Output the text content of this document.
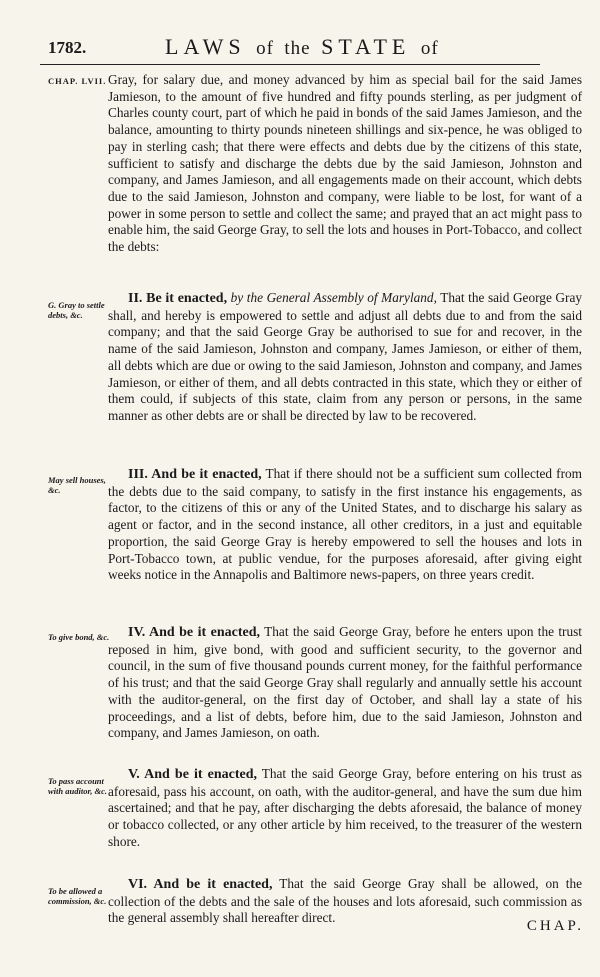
1782.	LAWS of the STATE of
CHAP. LVII.
G. Gray to settle debts, &c.
May sell houses, &c.
To give bond, &c.
To pass account with auditor, &c.
To be allowed a commission, &c.

Gray, for salary due, and money advanced by him as special bail for the said James Jamieson, to the amount of five hundred and fifty pounds sterling, as per judgment of Charles county court, part of which he paid in bonds of the said James Jamieson, and the balance, amounting to thirty pounds nineteen shillings and six-pence, he was obliged to pay in sterling cash; that there were effects and debts due by the citizens of this state, sufficient to satisfy and discharge the debts due by the said Jamieson, Johnston and company, and James Jamieson, and all engagements made on their account, which debts due to the said Jamieson, Johnston and company, were liable to be lost, for want of a power in some person to settle and collect the same; and prayed that an act might pass to enable him, the said George Gray, to sell the lots and houses in Port-Tobacco, and collect the debts:

II. Be it enacted, by the General Assembly of Maryland, That the said George Gray shall, and hereby is empowered to settle and adjust all debts due to and from the said company; and that the said George Gray be authorised to sue for and recover, in the name of the said Jamieson, Johnston and company, James Jamieson, or either of them, all debts which are due or owing to the said Jamieson, Johnston and company, and James Jamieson, or either of them, and all debts contracted in this state, which they or either of them could, if subjects of this state, claim from any person or persons, in the same manner as other debts are or shall be directed by law to be recovered.

III. And be it enacted, That if there should not be a sufficient sum collected from the debts due to the said company, to satisfy in the first instance his engagements, as factor, to the citizens of this or any of the United States, and to discharge his salary as agent or factor, and in the second instance, all other creditors, in a just and equitable proportion, the said George Gray is hereby empowered to sell the houses and lots in Port-Tobacco town, at public vendue, for the purposes aforesaid, after giving eight weeks notice in the Annapolis and Baltimore news-papers, on three years credit.

IV. And be it enacted, That the said George Gray, before he enters upon the trust reposed in him, give bond, with good and sufficient security, to the governor and council, in the sum of five thousand pounds current money, for the faithful performance of his trust; and that the said George Gray shall regularly and annually settle his account with the auditor-general, on the first day of October, and shall lay a state of his proceedings, and a list of debts, before him, due to the said Jamieson, Johnston and company, and James Jamieson, on oath.

V. And be it enacted, That the said George Gray, before entering on his trust as aforesaid, pass his account, on oath, with the auditor-general, and have the sum due him ascertained; and that he pay, after discharging the debts aforesaid, the balance of money or tobacco collected, or any other article by him received, to the treasurer of the western shore.

VI. And be it enacted, That the said George Gray shall be allowed, on the collection of the debts and the sale of the houses and lots aforesaid, such commission as the general assembly shall hereafter direct.

CHAP.
